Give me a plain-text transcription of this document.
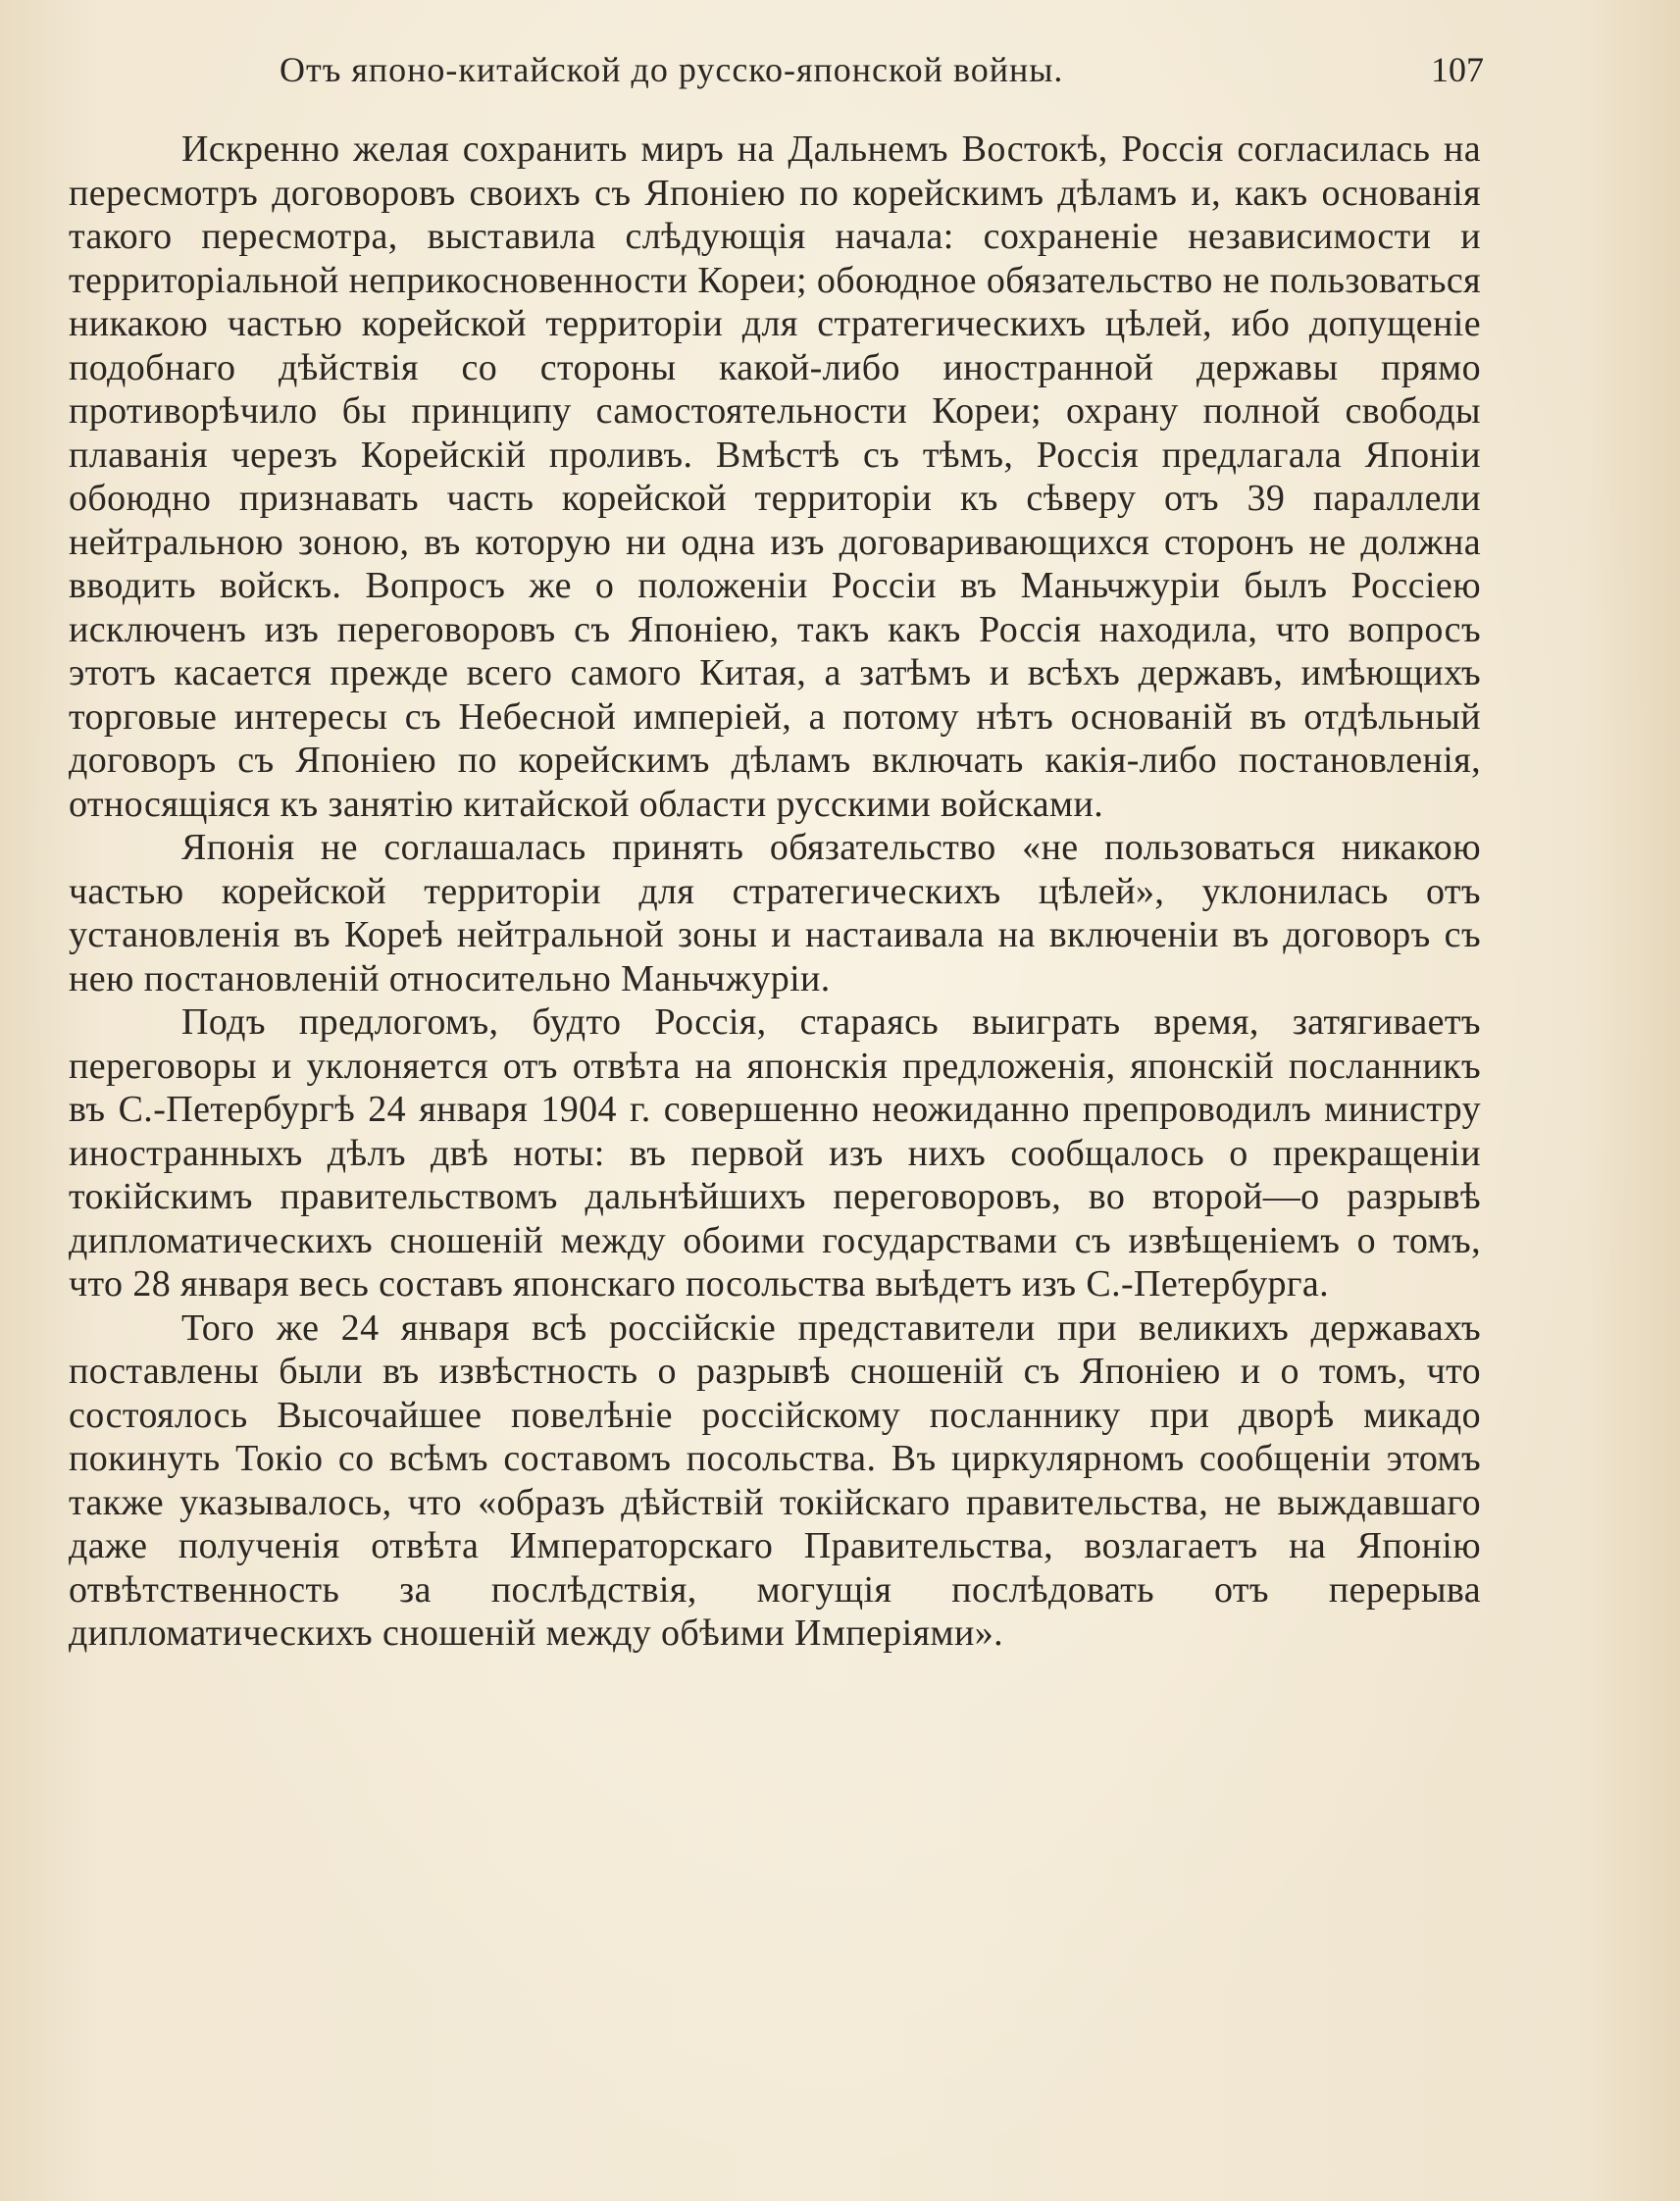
Отъ японо-китайской до русско-японской войны.	107

Искренно желая сохранить миръ на Дальнемъ Востокѣ, Россія согласилась на пересмотръ договоровъ своихъ съ Японіею по корейскимъ дѣламъ и, какъ основанія такого пересмотра, выставила слѣдующія начала: сохраненіе независимости и территоріальной неприкосновенности Кореи; обоюдное обязательство не пользоваться никакою частью корейской территоріи для стратегическихъ цѣлей, ибо допущеніе подобнаго дѣйствія со стороны какой-либо иностранной державы прямо противорѣчило бы принципу самостоятельности Кореи; охрану полной свободы плаванія черезъ Корейскій проливъ. Вмѣстѣ съ тѣмъ, Россія предлагала Японіи обоюдно признавать часть корейской территоріи къ сѣверу отъ 39 параллели нейтральною зоною, въ которую ни одна изъ договаривающихся сторонъ не должна вводить войскъ. Вопросъ же о положеніи Россіи въ Маньчжуріи былъ Россіею исключенъ изъ переговоровъ съ Японіею, такъ какъ Россія находила, что вопросъ этотъ касается прежде всего самого Китая, а затѣмъ и всѣхъ державъ, имѣющихъ торговые интересы съ Небесной имперіей, а потому нѣтъ основаній въ отдѣльный договоръ съ Японіею по корейскимъ дѣламъ включать какія-либо постановленія, относящіяся къ занятію китайской области русскими войсками.

Японія не соглашалась принять обязательство «не пользоваться никакою частью корейской территоріи для стратегическихъ цѣлей», уклонилась отъ установленія въ Кореѣ нейтральной зоны и настаивала на включеніи въ договоръ съ нею постановленій относительно Маньчжуріи.

Подъ предлогомъ, будто Россія, стараясь выиграть время, затягиваетъ переговоры и уклоняется отъ отвѣта на японскія предложенія, японскій посланникъ въ С.-Петербургѣ 24 января 1904 г. совершенно неожиданно препроводилъ министру иностранныхъ дѣлъ двѣ ноты: въ первой изъ нихъ сообщалось о прекращеніи токійскимъ правительствомъ дальнѣйшихъ переговоровъ, во второй—о разрывѣ дипломатическихъ сношеній между обоими государствами съ извѣщеніемъ о томъ, что 28 января весь составъ японскаго посольства выѣдетъ изъ С.-Петербурга.

Того же 24 января всѣ россійскіе представители при великихъ державахъ поставлены были въ извѣстность о разрывѣ сношеній съ Японіею и о томъ, что состоялось Высочайшее повелѣніе россійскому посланнику при дворѣ микадо покинуть Токіо со всѣмъ составомъ посольства. Въ циркулярномъ сообщеніи этомъ также указывалось, что «образъ дѣйствій токійскаго правительства, не выждавшаго даже полученія отвѣта Императорскаго Правительства, возлагаетъ на Японію отвѣтственность за послѣдствія, могущія послѣдовать отъ перерыва дипломатическихъ сношеній между обѣими Имперіями».
